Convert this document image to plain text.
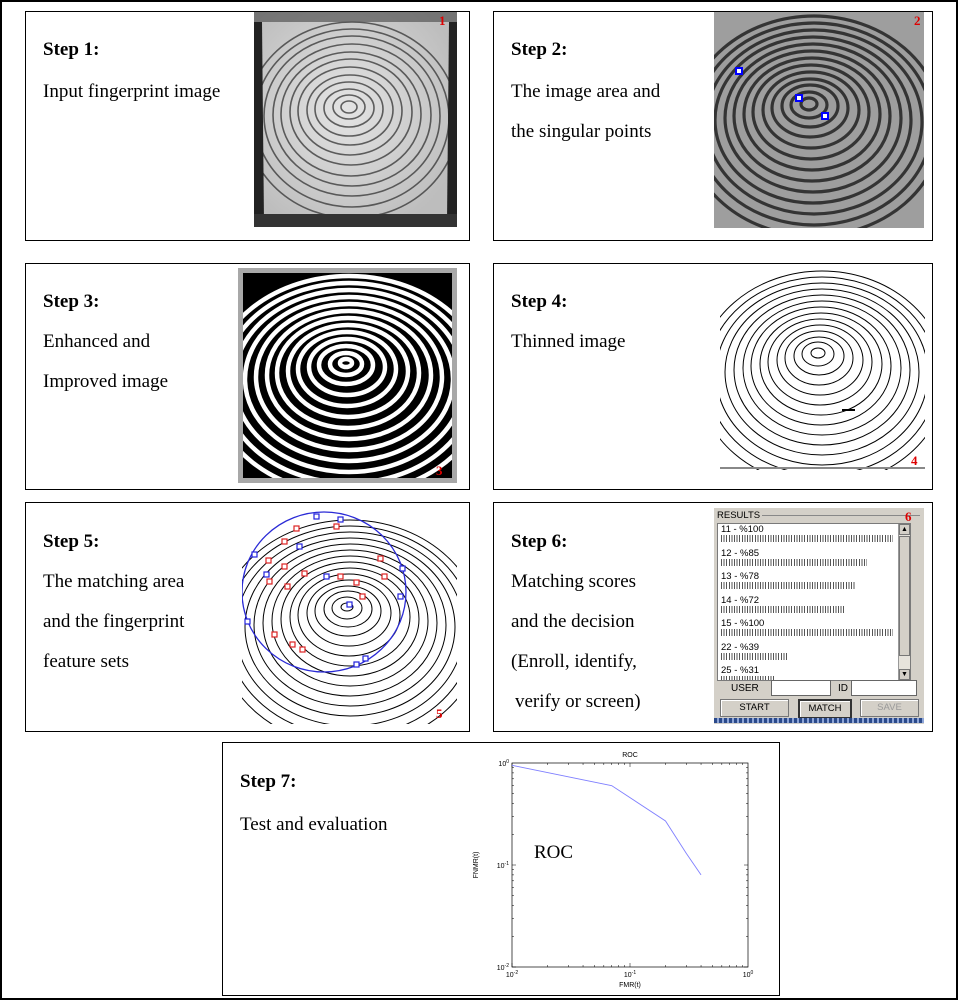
Step 1:
Input fingerprint image
1
Step 2:
The image area and
the singular points
2
Step 3:
Enhanced and
Improved image
3
Step 4:
Thinned image
4
Step 5:
The matching area
and the fingerprint
feature sets
5
Step 6:
Matching scores
and the decision
(Enroll, identify,
verify or screen)
RESULTS
11 - %100
12 - %85
13 - %78
14 - %72
15 - %100
22 - %39
25 - %31
▲
▼
USER	ID
START	MATCH	SAVE
6
Step 7:
Test and evaluation
$10^{-2}$	$10^{-1}$	$10^0$
$10^0$
$10^{-1}$
$10^{-2}$
ROC
FMR(t)
FNMR(t)	ROC
